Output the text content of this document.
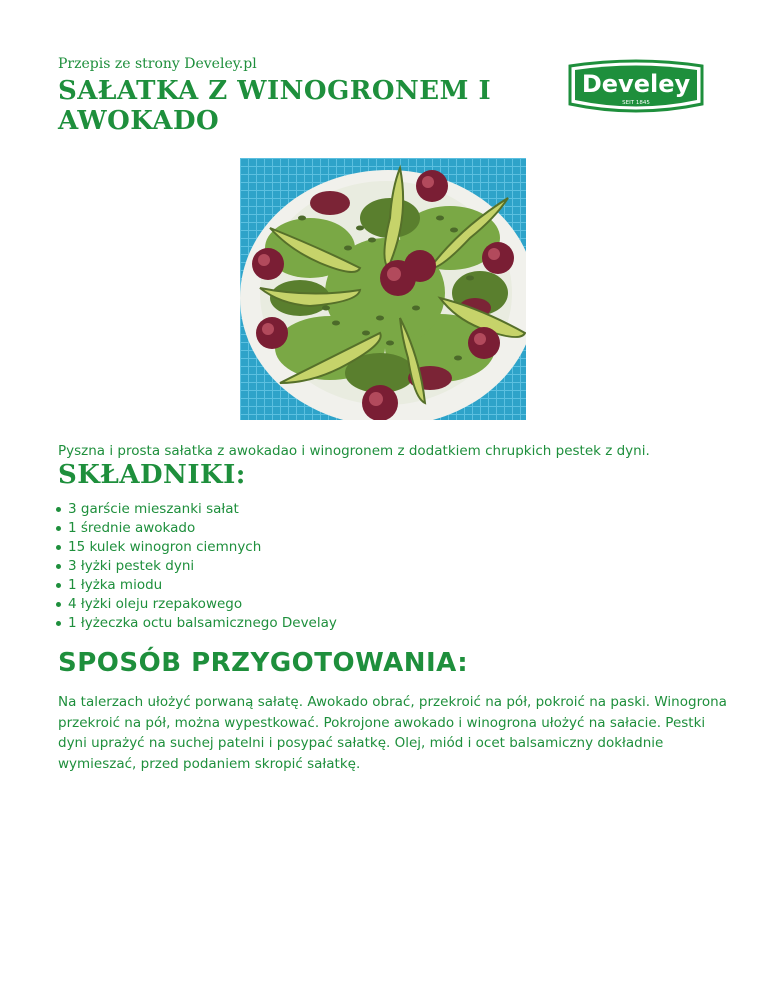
Przepis ze strony Develey.pl
SAŁATKA Z WINOGRONEM I AWOKADO
Develey
SEIT 1845
Pyszna i prosta sałatka z awokadao i winogronem z dodatkiem chrupkich pestek z dyni.
SKŁADNIKI:
3 garście mieszanki sałat
1 średnie awokado
15 kulek winogron ciemnych
3 łyżki pestek dyni
1 łyżka miodu
4 łyżki oleju rzepakowego
1 łyżeczka octu balsamicznego Develay
SPOSÓB PRZYGOTOWANIA:

Na talerzach ułożyć porwaną sałatę. Awokado obrać, przekroić na pół, pokroić na paski. Winogrona przekroić na pół, można wypestkować. Pokrojone awokado i winogrona ułożyć na sałacie. Pestki dyni uprażyć na suchej patelni i posypać sałatkę. Olej, miód i ocet balsamiczny dokładnie wymieszać, przed podaniem skropić sałatkę.
